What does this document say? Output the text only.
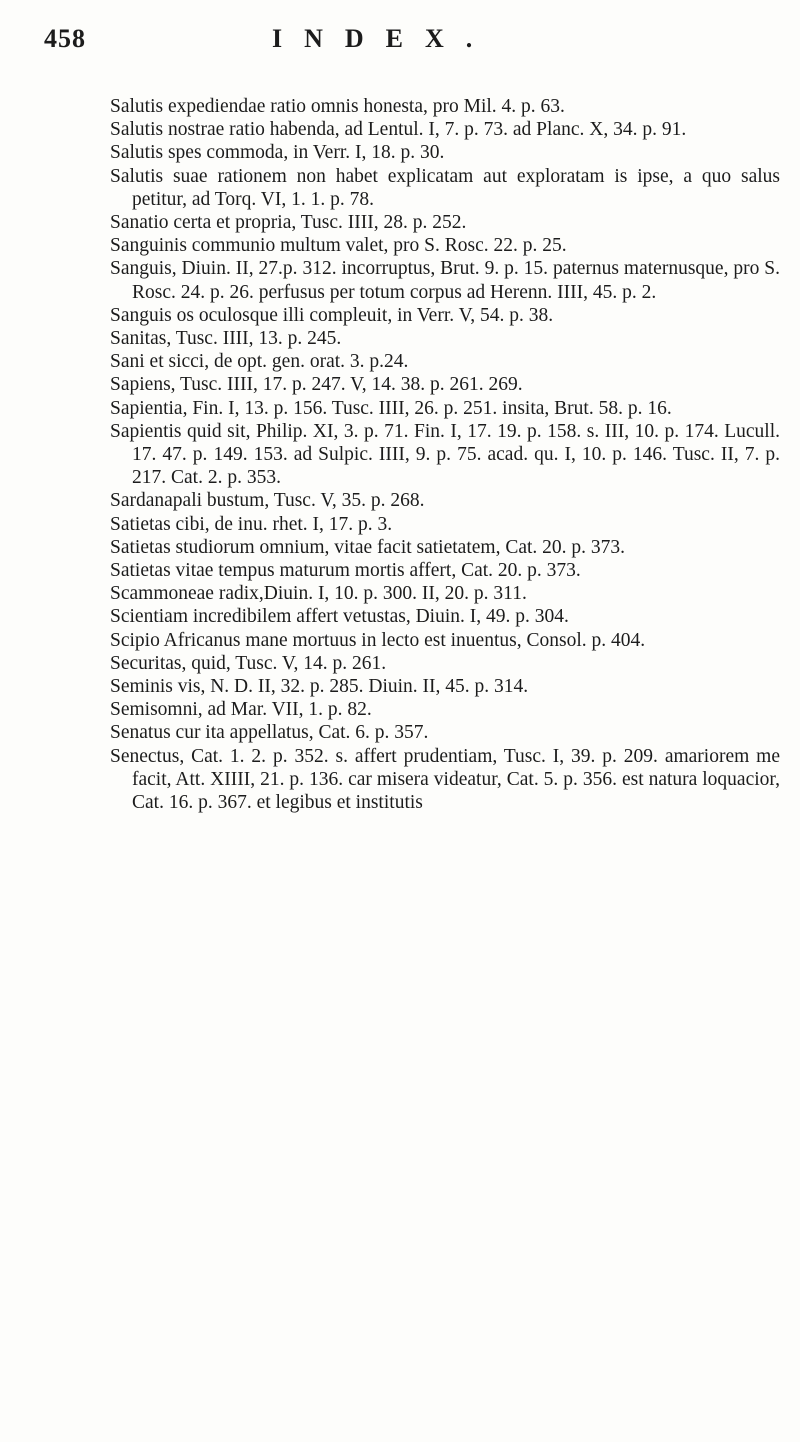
458	INDEX.

Salutis expediendae ratio omnis honesta, pro Mil. 4. p. 63.

Salutis nostrae ratio habenda, ad Lentul. I, 7. p. 73. ad Planc. X, 34. p. 91.

Salutis spes commoda, in Verr. I, 18. p. 30.

Salutis suae rationem non habet explicatam aut exploratam is ipse, a quo salus petitur, ad Torq. VI, 1. 1. p. 78.

Sanatio certa et propria, Tusc. IIII, 28. p. 252.

Sanguinis communio multum valet, pro S. Rosc. 22. p. 25.

Sanguis, Diuin. II, 27.p. 312. incorruptus, Brut. 9. p. 15. paternus maternusque, pro S. Rosc. 24. p. 26. perfusus per totum corpus ad Herenn. IIII, 45. p. 2.

Sanguis os oculosque illi compleuit, in Verr. V, 54. p. 38.

Sanitas, Tusc. IIII, 13. p. 245.

Sani et sicci, de opt. gen. orat. 3. p.24.

Sapiens, Tusc. IIII, 17. p. 247. V, 14. 38. p. 261. 269.

Sapientia, Fin. I, 13. p. 156. Tusc. IIII, 26. p. 251. insita, Brut. 58. p. 16.

Sapientis quid sit, Philip. XI, 3. p. 71. Fin. I, 17. 19. p. 158. s. III, 10. p. 174. Lucull. 17. 47. p. 149. 153. ad Sulpic. IIII, 9. p. 75. acad. qu. I, 10. p. 146. Tusc. II, 7. p. 217. Cat. 2. p. 353.

Sardanapali bustum, Tusc. V, 35. p. 268.

Satietas cibi, de inu. rhet. I, 17. p. 3.

Satietas studiorum omnium, vitae facit satietatem, Cat. 20. p. 373.

Satietas vitae tempus maturum mortis affert, Cat. 20. p. 373.

Scammoneae radix,Diuin. I, 10. p. 300. II, 20. p. 311.

Scientiam incredibilem affert vetustas, Diuin. I, 49. p. 304.

Scipio Africanus mane mortuus in lecto est inuentus, Consol. p. 404.

Securitas, quid, Tusc. V, 14. p. 261.

Seminis vis, N. D. II, 32. p. 285. Diuin. II, 45. p. 314.

Semisomni, ad Mar. VII, 1. p. 82.

Senatus cur ita appellatus, Cat. 6. p. 357.

Senectus, Cat. 1. 2. p. 352. s. affert prudentiam, Tusc. I, 39. p. 209. amariorem me facit, Att. XIIII, 21. p. 136. car misera videatur, Cat. 5. p. 356. est natura loquacior, Cat. 16. p. 367. et legibus et institutis
